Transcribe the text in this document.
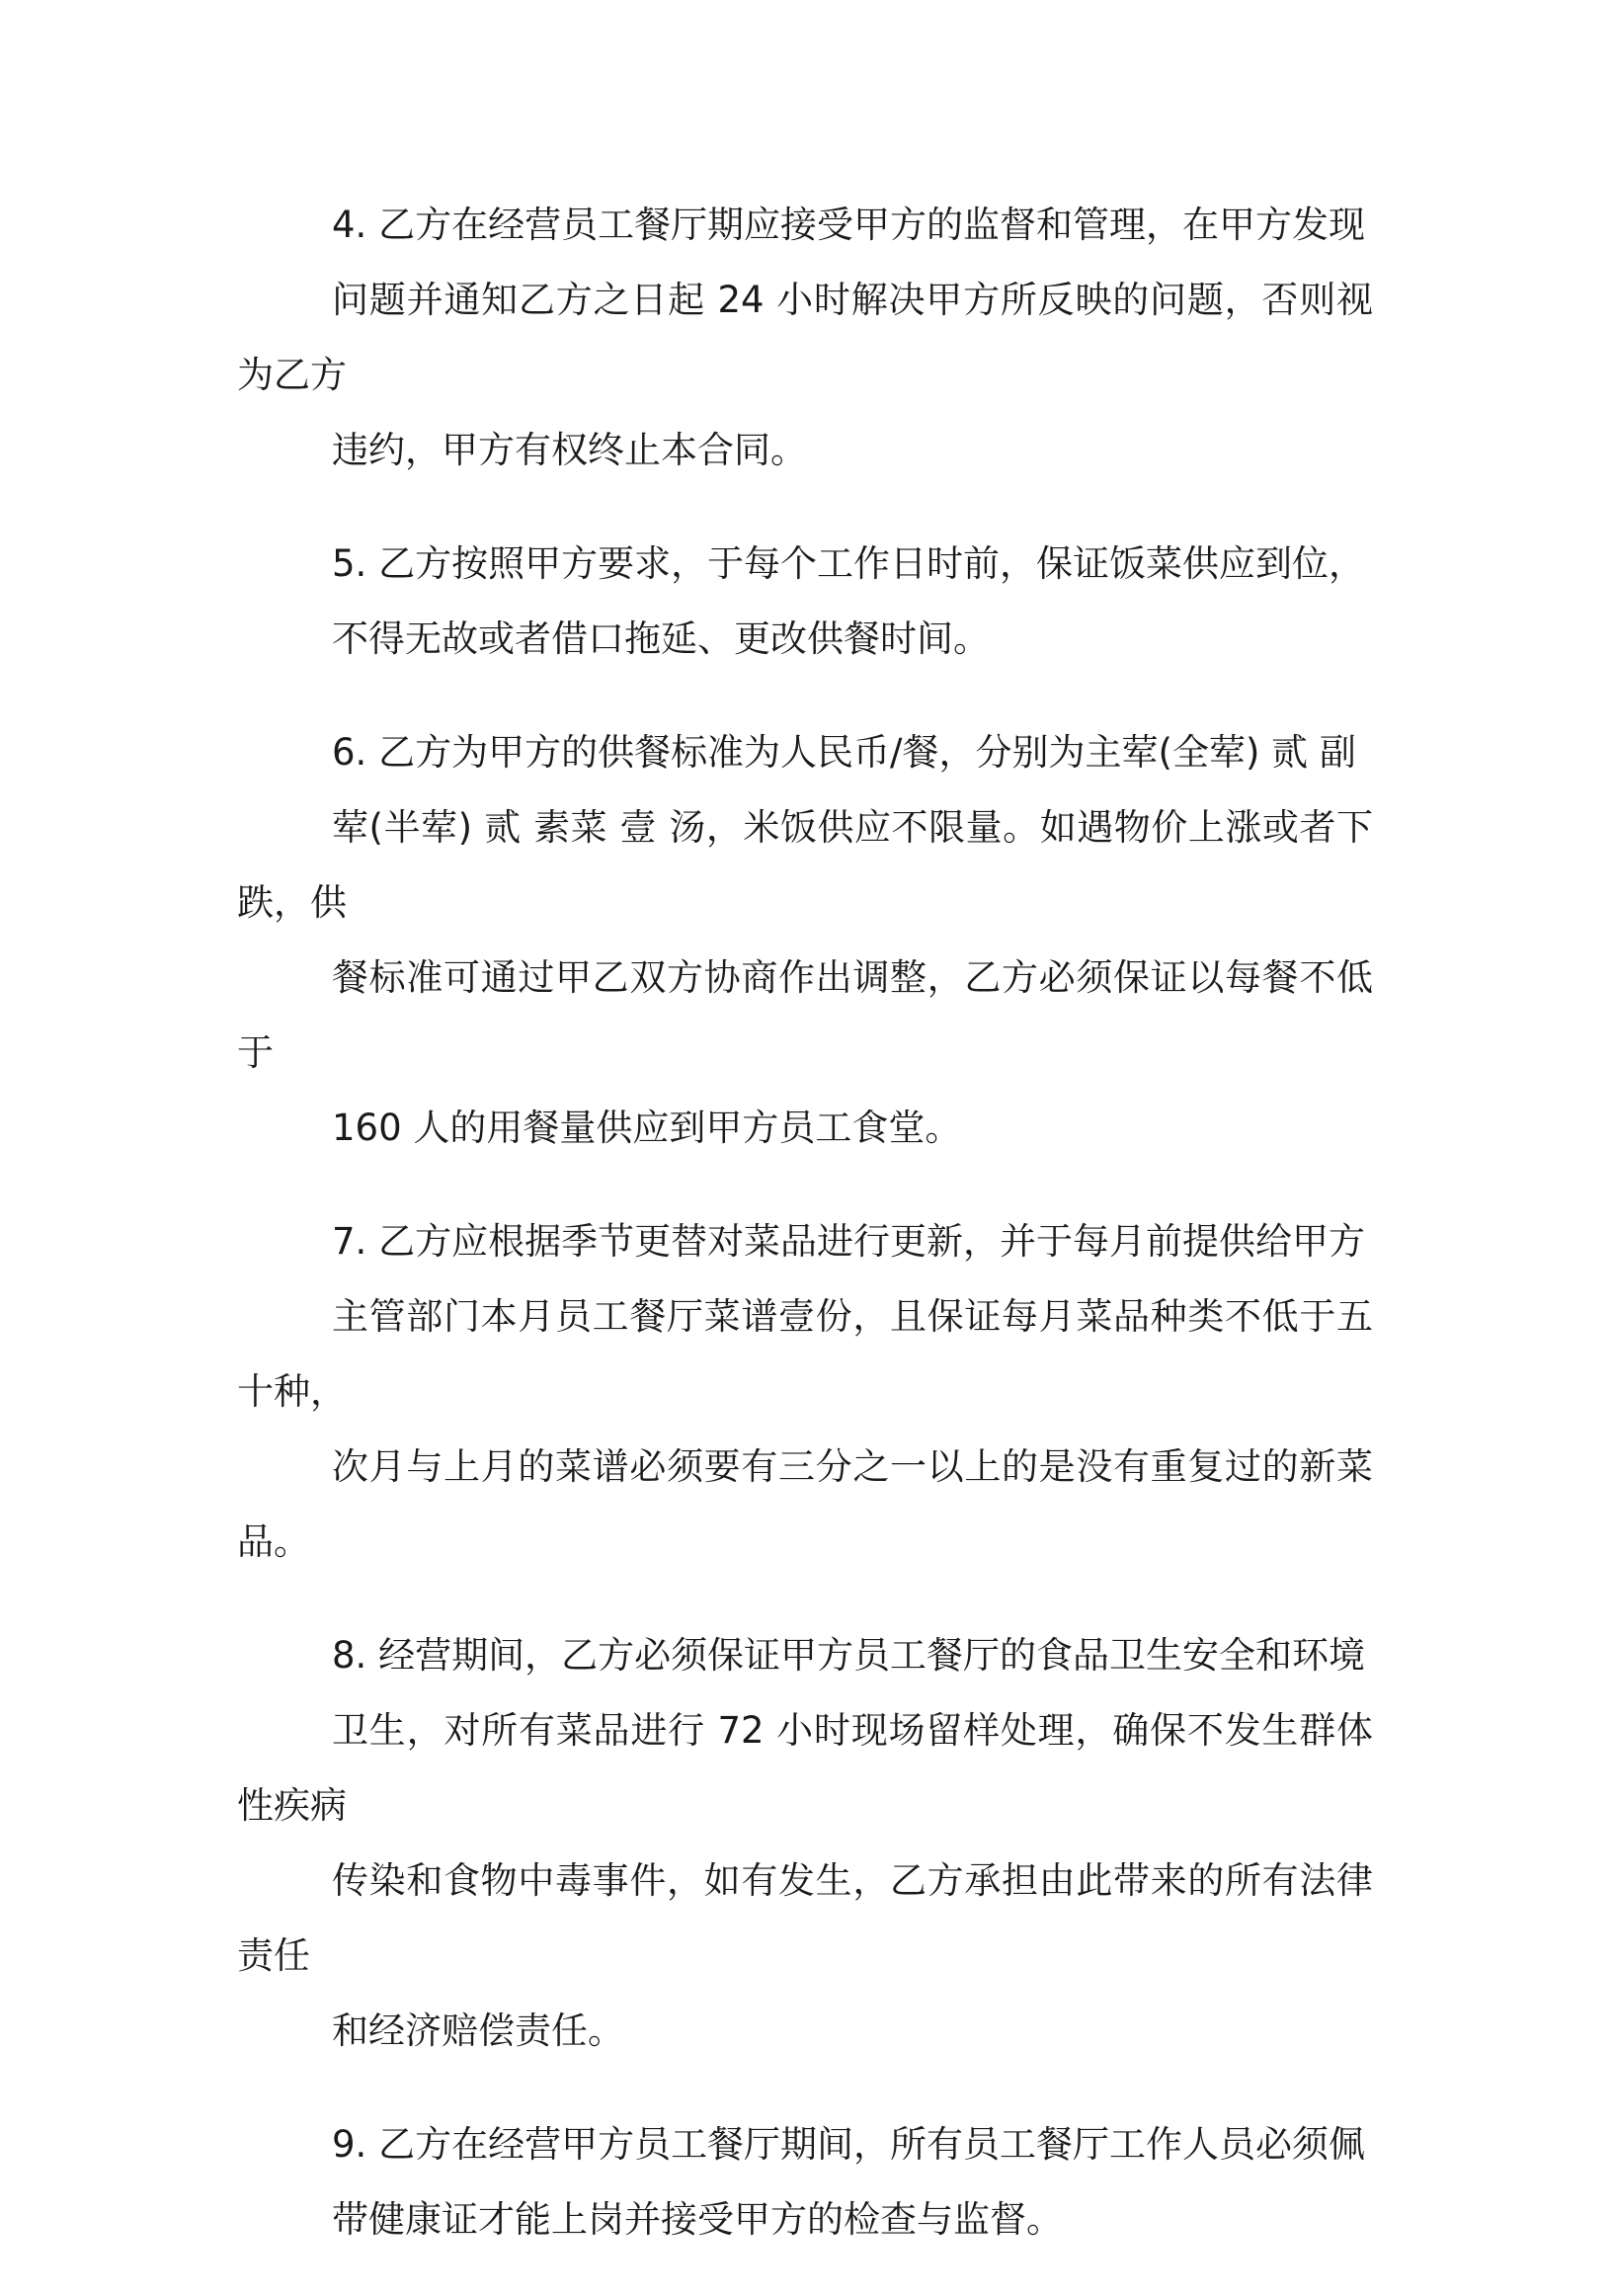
4. 乙方在经营员工餐厅期应接受甲方的监督和管理，在甲方发现
问题并通知乙方之日起 24 小时解决甲方所反映的问题，否则视为乙方
违约，甲方有权终止本合同。

5. 乙方按照甲方要求，于每个工作日时前，保证饭菜供应到位，
不得无故或者借口拖延、更改供餐时间。

6. 乙方为甲方的供餐标准为人民币/餐，分别为主荤(全荤) 贰 副
荤(半荤) 贰 素菜 壹 汤，米饭供应不限量。如遇物价上涨或者下跌，供
餐标准可通过甲乙双方协商作出调整，乙方必须保证以每餐不低于
160 人的用餐量供应到甲方员工食堂。

7. 乙方应根据季节更替对菜品进行更新，并于每月前提供给甲方
主管部门本月员工餐厅菜谱壹份，且保证每月菜品种类不低于五十种，
次月与上月的菜谱必须要有三分之一以上的是没有重复过的新菜品。

8. 经营期间，乙方必须保证甲方员工餐厅的食品卫生安全和环境
卫生，对所有菜品进行 72 小时现场留样处理，确保不发生群体性疾病
传染和食物中毒事件，如有发生，乙方承担由此带来的所有法律责任
和经济赔偿责任。

9. 乙方在经营甲方员工餐厅期间，所有员工餐厅工作人员必须佩
带健康证才能上岗并接受甲方的检查与监督。
